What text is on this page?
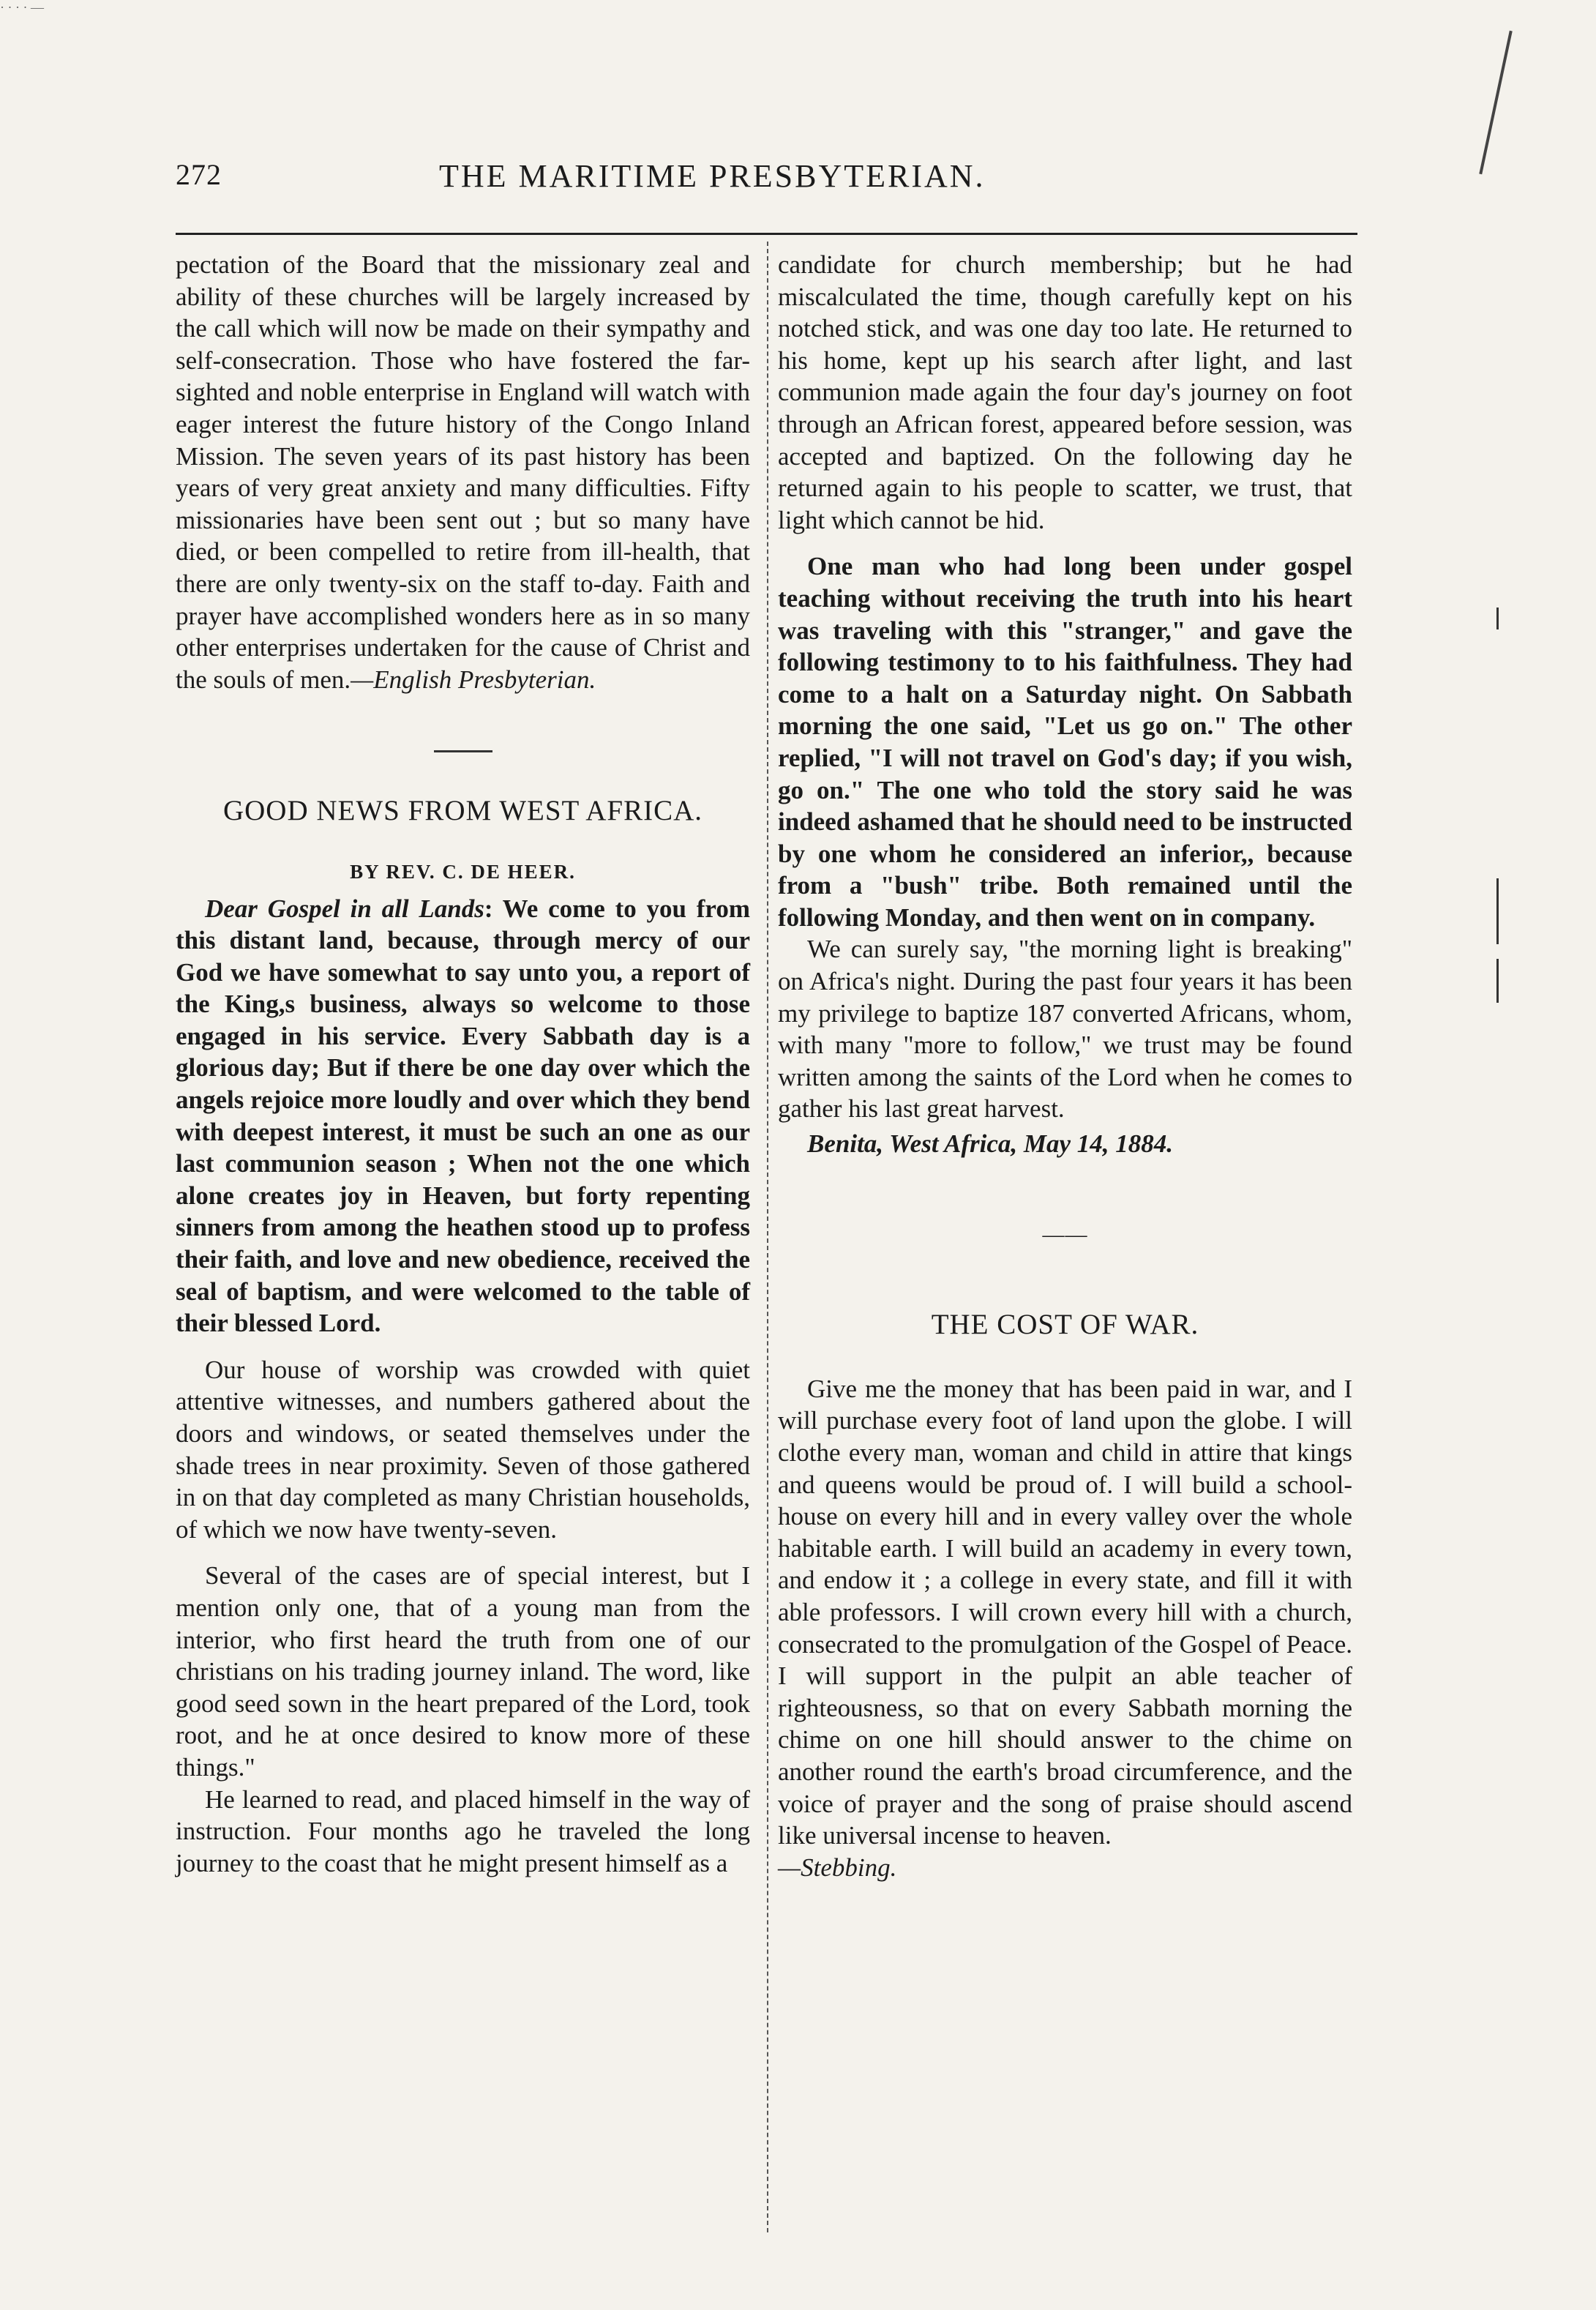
· · · · —
272	THE MARITIME PRESBYTERIAN.

pectation of the Board that the missionary zeal and ability of these churches will be largely increased by the call which will now be made on their sympathy and self-consecration. Those who have fostered the far-sighted and noble enterprise in England will watch with eager interest the future history of the Congo Inland Mission. The seven years of its past history has been years of very great anxiety and many difficulties. Fifty missionaries have been sent out ; but so many have died, or been compelled to retire from ill-health, that there are only twenty-six on the staff to-day. Faith and prayer have accomplished wonders here as in so many other enterprises undertaken for the cause of Christ and the souls of men.—English Presbyterian.

GOOD NEWS FROM WEST AFRICA.

BY REV. C. DE HEER.

Dear Gospel in all Lands: We come to you from this distant land, because, through mercy of our God we have somewhat to say unto you, a report of the King,s business, always so welcome to those engaged in his service. Every Sabbath day is a glorious day; But if there be one day over which the angels rejoice more loudly and over which they bend with deepest interest, it must be such an one as our last communion season ; When not the one which alone creates joy in Heaven, but forty repenting sinners from among the heathen stood up to profess their faith, and love and new obedience, received the seal of baptism, and were welcomed to the table of their blessed Lord.

Our house of worship was crowded with quiet attentive witnesses, and numbers gathered about the doors and windows, or seated themselves under the shade trees in near proximity. Seven of those gathered in on that day completed as many Christian households, of which we now have twenty-seven.

Several of the cases are of special interest, but I mention only one, that of a young man from the interior, who first heard the truth from one of our christians on his trading journey inland. The word, like good seed sown in the heart prepared of the Lord, took root, and he at once desired to know more of these things."

He learned to read, and placed himself in the way of instruction. Four months ago he traveled the long journey to the coast that he might present himself as a

candidate for church membership; but he had miscalculated the time, though carefully kept on his notched stick, and was one day too late. He returned to his home, kept up his search after light, and last communion made again the four day's journey on foot through an African forest, appeared before session, was accepted and baptized. On the following day he returned again to his people to scatter, we trust, that light which cannot be hid.

One man who had long been under gospel teaching without receiving the truth into his heart was traveling with this "stranger," and gave the following testimony to to his faithfulness. They had come to a halt on a Saturday night. On Sabbath morning the one said, "Let us go on." The other replied, "I will not travel on God's day; if you wish, go on." The one who told the story said he was indeed ashamed that he should need to be instructed by one whom he considered an inferior,, because from a "bush" tribe. Both remained until the following Monday, and then went on in company.

We can surely say, "the morning light is breaking" on Africa's night. During the past four years it has been my privilege to baptize 187 converted Africans, whom, with many "more to follow," we trust may be found written among the saints of the Lord when he comes to gather his last great harvest.

Benita, West Africa, May 14, 1884.

——

THE COST OF WAR.

Give me the money that has been paid in war, and I will purchase every foot of land upon the globe. I will clothe every man, woman and child in attire that kings and queens would be proud of. I will build a school-house on every hill and in every valley over the whole habitable earth. I will build an academy in every town, and endow it ; a college in every state, and fill it with able professors. I will crown every hill with a church, consecrated to the promulgation of the Gospel of Peace. I will support in the pulpit an able teacher of righteousness, so that on every Sabbath morning the chime on one hill should answer to the chime on another round the earth's broad circumference, and the voice of prayer and the song of praise should ascend like universal incense to heaven.

—Stebbing.
